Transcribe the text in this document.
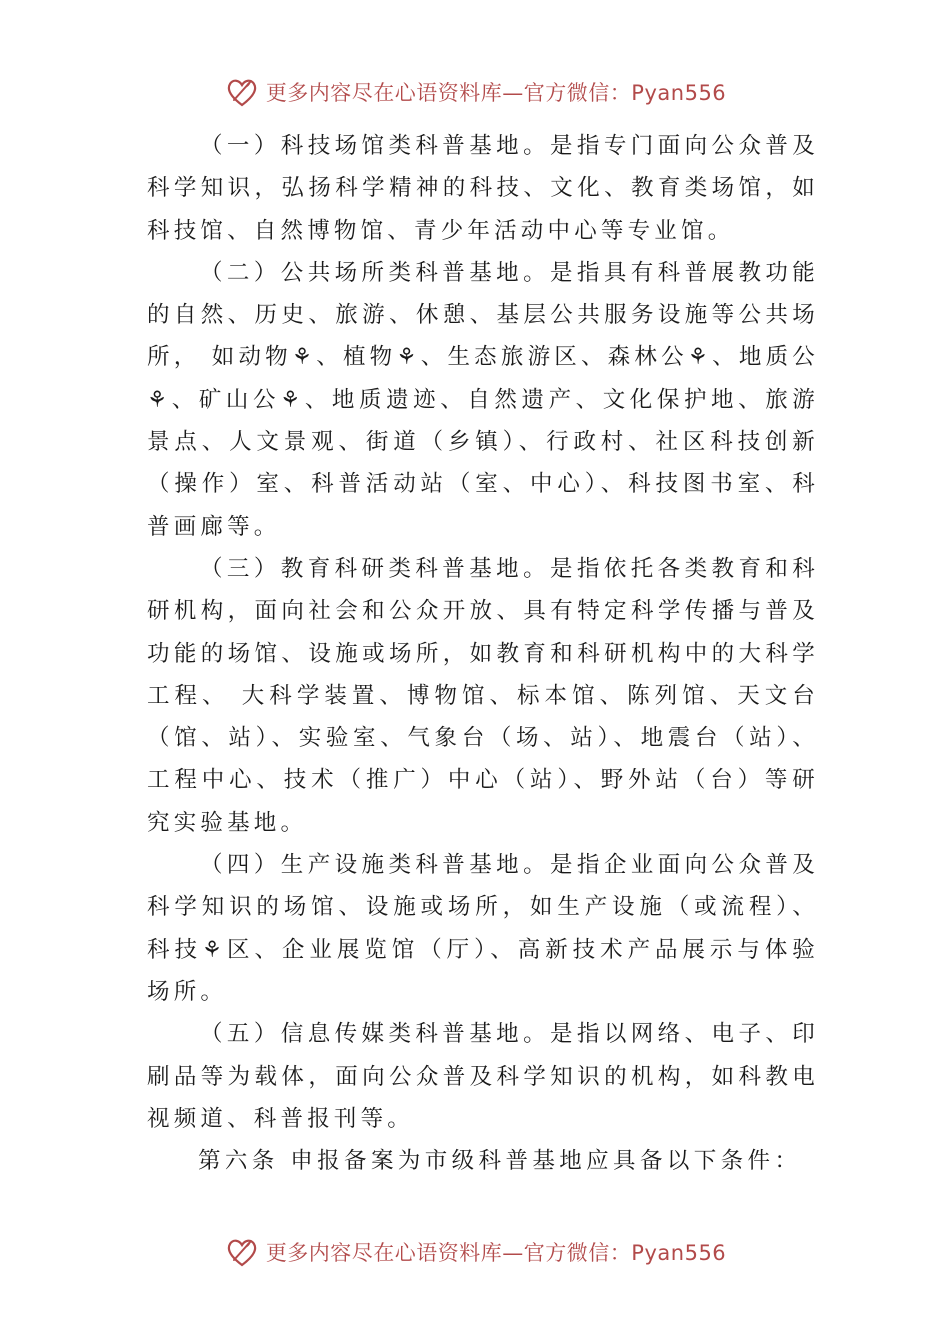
更多内容尽在心语资料库—官方微信：Pyan556

（一）科技场馆类科普基地。是指专门面向公众普及科学知识，弘扬科学精神的科技、文化、教育类场馆，如科技馆、自然博物馆、青少年活动中心等专业馆。

（二）公共场所类科普基地。是指具有科普展教功能的自然、历史、旅游、休憩、基层公共服务设施等公共场所， 如动物⚘、植物⚘、生态旅游区、森林公⚘、地质公⚘、矿山公⚘、地质遗迹、自然遗产、文化保护地、旅游景点、人文景观、街道（乡镇）、行政村、社区科技创新（操作）室、科普活动站（室、中心）、科技图书室、科普画廊等。

（三）教育科研类科普基地。是指依托各类教育和科研机构，面向社会和公众开放、具有特定科学传播与普及功能的场馆、设施或场所，如教育和科研机构中的大科学工程、 大科学装置、博物馆、标本馆、陈列馆、天文台（馆、站）、实验室、气象台（场、站）、地震台（站）、工程中心、技术（推广）中心（站）、野外站（台）等研究实验基地。

（四）生产设施类科普基地。是指企业面向公众普及科学知识的场馆、设施或场所，如生产设施（或流程）、科技⚘区、企业展览馆（厅）、高新技术产品展示与体验场所。

（五）信息传媒类科普基地。是指以网络、电子、印刷品等为载体，面向公众普及科学知识的机构，如科教电视频道、科普报刊等。

第六条 申报备案为市级科普基地应具备以下条件：

更多内容尽在心语资料库—官方微信：Pyan556
